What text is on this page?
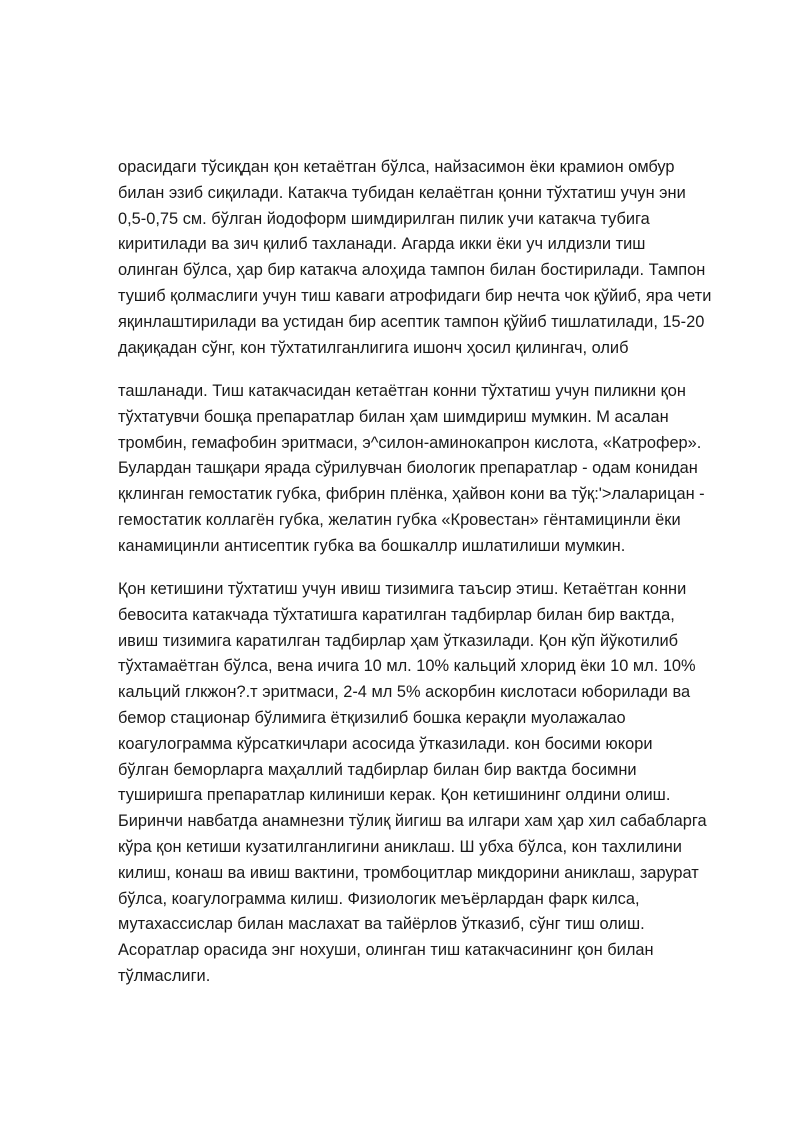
орасидаги тўсиқдан қон кетаётган бўлса, найзасимон ёки крамион омбур
билан эзиб сиқилади. Катакча тубидан келаётган қонни тўхтатиш учун эни
0,5-0,75 см. бўлган йодоформ шимдирилган пилик учи катакча тубига
киритилади ва зич қилиб тахланади. Агарда икки ёки уч илдизли тиш
олинган бўлса, ҳар бир катакча алоҳида тампон билан бостирилади. Тампон
тушиб қолмаслиги учун тиш каваги атрофидаги бир нечта чок қўйиб, яра чети
яқинлаштирилади ва устидан бир асептик тампон қўйиб тишлатилади, 15-20
дақиқадан сўнг, кон тўхтатилганлигига ишонч ҳосил қилингач, олиб
ташланади. Тиш катакчасидан кетаётган конни тўхтатиш учун пиликни қон
тўхтатувчи бошқа препаратлар билан ҳам шимдириш мумкин. М асалан
тромбин, гемафобин эритмаси, э^силон-аминокапрон кислота, «Катрофер».
Булардан ташқари ярада сўрилувчан биологик препаратлар - одам конидан
қклинган гемостатик губка, фибрин плёнка, ҳайвон кони ва тўқ:'>лаларицан -
гемостатик коллагён губка, желатин губка «Кровестан» гёнтамицинли ёки
канамицинли антисептик губка ва бошкаллр ишлатилиши мумкин.
Қон кетишини тўхтатиш учун ивиш тизимига таъсир этиш. Кетаётган конни
бевосита катакчада тўхтатишга каратилган тадбирлар билан бир вактда,
ивиш тизимига каратилган тадбирлар ҳам ўтказилади. Қон кўп йўкотилиб
тўхтамаётган бўлса, вена ичига 10 мл. 10% кальций хлорид ёки 10 мл. 10%
кальций глкжон?.т эритмаси, 2-4 мл 5% аскорбин кислотаси юборилади ва
бемор стационар бўлимига ётқизилиб бошка керақли муолажалао
коагулограмма кўрсаткичлари асосида ўтказилади. кон босими юкори
бўлган беморларга маҳаллий тадбирлар билан бир вактда босимни
туширишга препаратлар килиниши керак. Қон кетишининг олдини олиш.
Биринчи навбатда анамнезни тўлиқ йигиш ва илгари хам ҳар хил сабабларга
кўра қон кетиши кузатилганлигини аниклаш. Ш убха бўлса, кон тахлилини
килиш, конаш ва ивиш вактини, тромбоцитлар микдорини аниклаш, зарурат
бўлса, коагулограмма килиш. Физиологик меъёрлардан фарк килса,
мутахассислар билан маслахат ва тайёрлов ўтказиб, сўнг тиш олиш.
Асоратлар орасида энг нохуши, олинган тиш катакчасининг қон билан
тўлмаслиги.
